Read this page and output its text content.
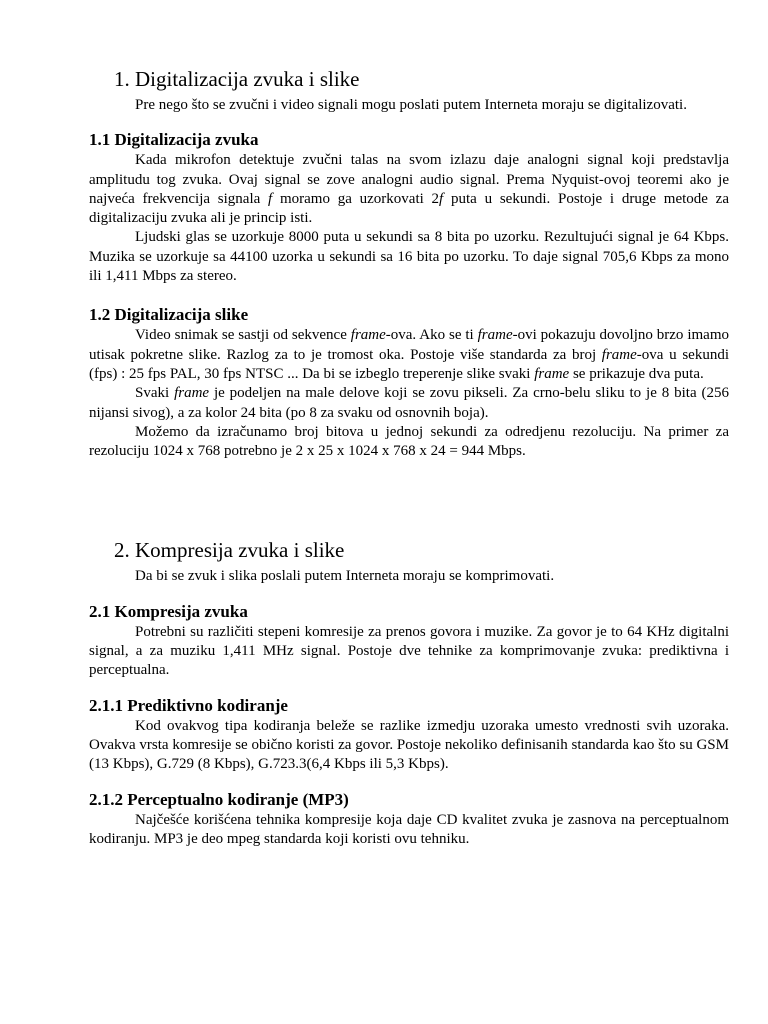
1. Digitalizacija zvuka i slike

Pre nego što se zvučni i video signali mogu poslati putem Interneta moraju se digitalizovati.

1.1 Digitalizacija zvuka

Kada mikrofon detektuje zvučni talas na svom izlazu daje analogni signal koji predstavlja amplitudu tog zvuka. Ovaj signal se zove analogni audio signal. Prema Nyquist-ovoj teoremi ako je najveća frekvencija signala f moramo ga uzorkovati 2f puta u sekundi. Postoje i druge metode za digitalizaciju zvuka ali je princip isti.

Ljudski glas se uzorkuje 8000 puta u sekundi sa 8 bita po uzorku. Rezultujući signal je 64 Kbps. Muzika se uzorkuje sa 44100 uzorka u sekundi sa 16 bita po uzorku. To daje signal 705,6 Kbps za mono ili 1,411 Mbps za stereo.

1.2 Digitalizacija slike

Video snimak se sastji od sekvence frame-ova. Ako se ti frame-ovi pokazuju dovoljno brzo imamo utisak pokretne slike. Razlog za to je tromost oka. Postoje više standarda za broj frame-ova u sekundi (fps) : 25 fps PAL, 30 fps NTSC ... Da bi se izbeglo treperenje slike svaki frame se prikazuje dva puta.

Svaki frame je podeljen na male delove koji se zovu pikseli. Za crno-belu sliku to je 8 bita (256 nijansi sivog), a za kolor 24 bita (po 8 za svaku od osnovnih boja).

Možemo da izračunamo broj bitova u jednoj sekundi za odredjenu rezoluciju. Na primer za rezoluciju 1024 x 768 potrebno je 2 x 25 x 1024 x 768 x 24 = 944 Mbps.

2. Kompresija zvuka i slike

Da bi se zvuk i slika poslali putem Interneta moraju se komprimovati.

2.1 Kompresija zvuka

Potrebni su različiti stepeni komresije za prenos govora i muzike. Za govor je to 64 KHz digitalni signal, a za muziku 1,411 MHz signal. Postoje dve tehnike za komprimovanje zvuka: prediktivna i perceptualna.

2.1.1 Prediktivno kodiranje

Kod ovakvog tipa kodiranja beleže se razlike izmedju uzoraka umesto vrednosti svih uzoraka. Ovakva vrsta komresije se obično koristi za govor. Postoje nekoliko definisanih standarda kao što su GSM (13 Kbps), G.729 (8 Kbps), G.723.3(6,4 Kbps ili 5,3 Kbps).

2.1.2 Perceptualno kodiranje (MP3)

Najčešće korišćena tehnika kompresije koja daje CD kvalitet zvuka je zasnova na perceptualnom kodiranju. MP3 je deo mpeg standarda koji koristi ovu tehniku.
